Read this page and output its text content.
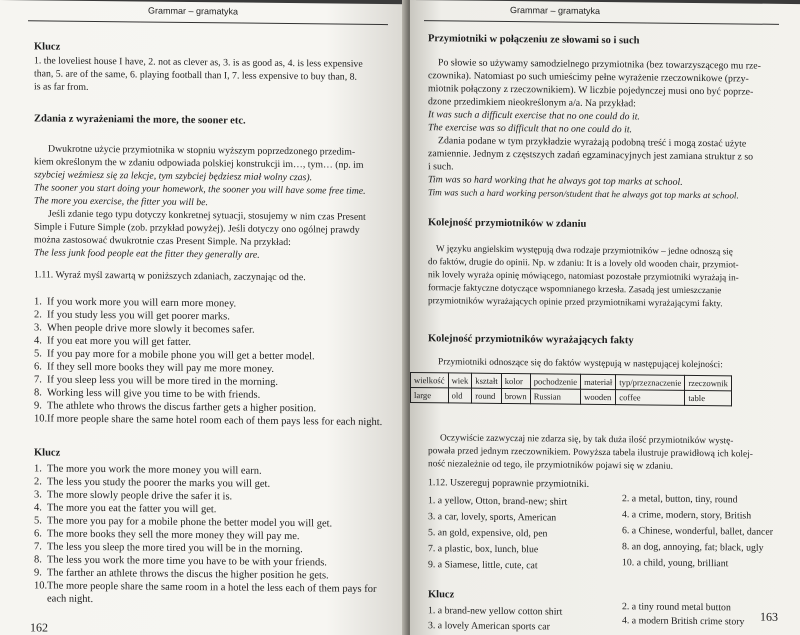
Grammar – gramatyka
Klucz
1. the loveliest house I have, 2. not as clever as, 3. is as good as, 4. is less expensive
than, 5. are of the same, 6. playing football than I, 7. less expensive to buy than, 8.
is as far from.
Zdania z wyrażeniami the more, the sooner etc.
Dwukrotne użycie przymiotnika w stopniu wyższym poprzedzonego przedim-
kiem określonym the w zdaniu odpowiada polskiej konstrukcji im…, tym… (np. im
szybciej weźmiesz się za lekcje, tym szybciej będziesz miał wolny czas).
The sooner you start doing your homework, the sooner you will have some free time.
The more you exercise, the fitter you will be.
Jeśli zdanie tego typu dotyczy konkretnej sytuacji, stosujemy w nim czas Present
Simple i Future Simple (zob. przykład powyżej). Jeśli dotyczy ono ogólnej prawdy
można zastosować dwukrotnie czas Present Simple. Na przykład:
The less junk food people eat the fitter they generally are.
1.11. Wyraź myśl zawartą w poniższych zdaniach, zaczynając od the.
1. If you work more you will earn more money.
2. If you study less you will get poorer marks.
3. When people drive more slowly it becomes safer.
4. If you eat more you will get fatter.
5. If you pay more for a mobile phone you will get a better model.
6. If they sell more books they will pay me more money.
7. If you sleep less you will be more tired in the morning.
8. Working less will give you time to be with friends.
9. The athlete who throws the discus farther gets a higher position.
10.If more people share the same hotel room each of them pays less for each night.
Klucz
1. The more you work the more money you will earn.
2. The less you study the poorer the marks you will get.
3. The more slowly people drive the safer it is.
4. The more you eat the fatter you will get.
5. The more you pay for a mobile phone the better model you will get.
6. The more books they sell the more money they will pay me.
7. The less you sleep the more tired you will be in the morning.
8. The less you work the more time you have to be with your friends.
9. The farther an athlete throws the discus the higher position he gets.
10.The more people share the same room in a hotel the less each of them pays for
each night.
162
Grammar – gramatyka
Przymiotniki w połączeniu ze słowami so i such
Po słowie so używamy samodzielnego przymiotnika (bez towarzyszącego mu rze-
czownika). Natomiast po such umieścimy pełne wyrażenie rzeczownikowe (przy-
miotnik połączony z rzeczownikiem). W liczbie pojedynczej musi ono być poprze-
dzone przedimkiem nieokreślonym a/a. Na przykład:
It was such a difficult exercise that no one could do it.
The exercise was so difficult that no one could do it.
Zdania podane w tym przykładzie wyrażają podobną treść i mogą zostać użyte
zamiennie. Jednym z częstszych zadań egzaminacyjnych jest zamiana struktur z so
i such.
Tim was so hard working that he always got top marks at school.
Tim was such a hard working person/student that he always got top marks at school.
Kolejność przymiotników w zdaniu
W języku angielskim występują dwa rodzaje przymiotników – jedne odnoszą się
do faktów, drugie do opinii. Np. w zdaniu: It is a lovely old wooden chair, przymiot-
nik lovely wyraża opinię mówiącego, natomiast pozostałe przymiotniki wyrażają in-
formacje faktyczne dotyczące wspomnianego krzesła. Zasadą jest umieszczanie
przymiotników wyrażających opinie przed przymiotnikami wyrażającymi fakty.
Kolejność przymiotników wyrażających fakty
Przymiotniki odnoszące się do faktów występują w następującej kolejności:
wielkość	wiek	kształt	kolor	pochodzenie	materiał	typ/przeznaczenie	rzeczownik
large	old	round	brown	Russian	wooden	coffee	table
Oczywiście zazwyczaj nie zdarza się, by tak duża ilość przymiotników wystę-
powała przed jednym rzeczownikiem. Powyższa tabela ilustruje prawidłową ich kolej-
ność niezależnie od tego, ile przymiotników pojawi się w zdaniu.
1.12. Uszereguj poprawnie przymiotniki.
1. a yellow, Otton, brand-new; shirt
3. a car, lovely, sports, American
5. an gold, expensive, old, pen
7. a plastic, box, lunch, blue
9. a Siamese, little, cute, cat
2. a metal, button, tiny, round
4. a crime, modern, story, British
6. a Chinese, wonderful, ballet, dancer
8. an dog, annoying, fat; black, ugly
10. a child, young, brilliant
Klucz
1. a brand-new yellow cotton shirt
3. a lovely American sports car
2. a tiny round metal button
4. a modern British crime story 163
